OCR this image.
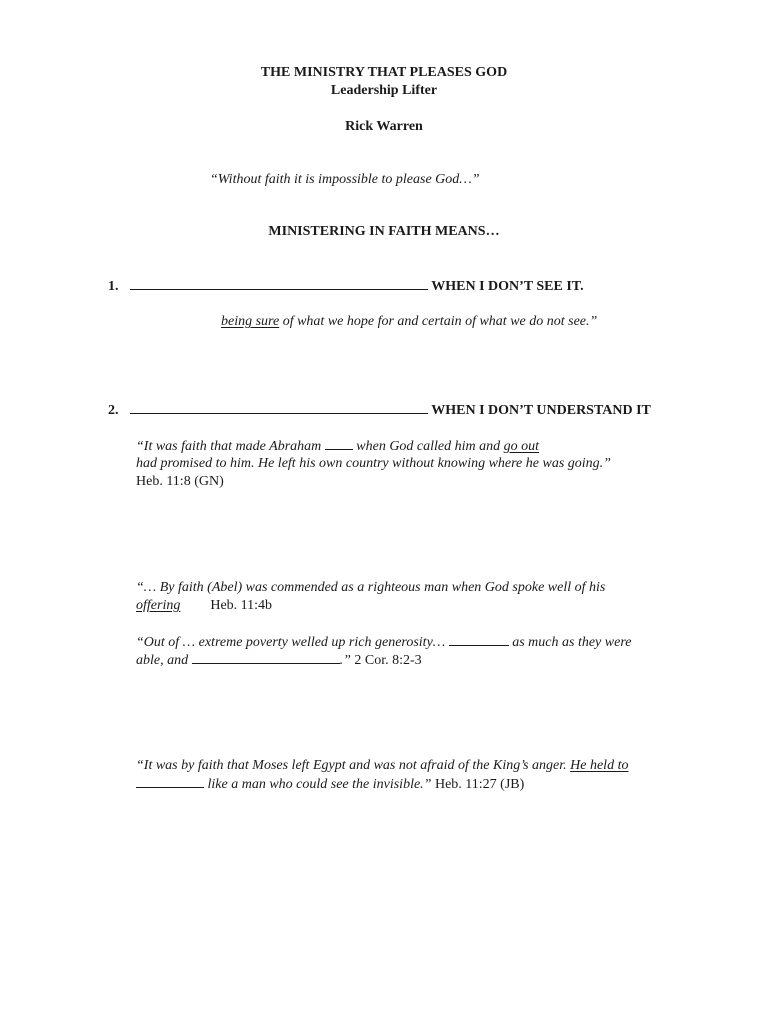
THE MINISTRY THAT PLEASES GOD
Leadership Lifter
Rick Warren
“Without faith it is impossible to please God…”
MINISTERING IN FAITH MEANS…
1.	WHEN I DON’T SEE IT.
being sure of what we hope for and certain of what we do not see.”
2.	WHEN I DON’T UNDERSTAND IT
“It was faith that made Abraham  when God called him and go out
had promised to him. He left his own country without knowing where he was going.”
Heb. 11:8 (GN)
“… By faith (Abel) was commended as a righteous man when God spoke well of his
offering Heb. 11:4b
“Out of … extreme poverty welled up rich generosity…	as much as they were
able, and	.” 2 Cor. 8:2-3
“It was by faith that Moses left Egypt and was not afraid of the King’s anger. He held to
like a man who could see the invisible.” Heb. 11:27 (JB)
